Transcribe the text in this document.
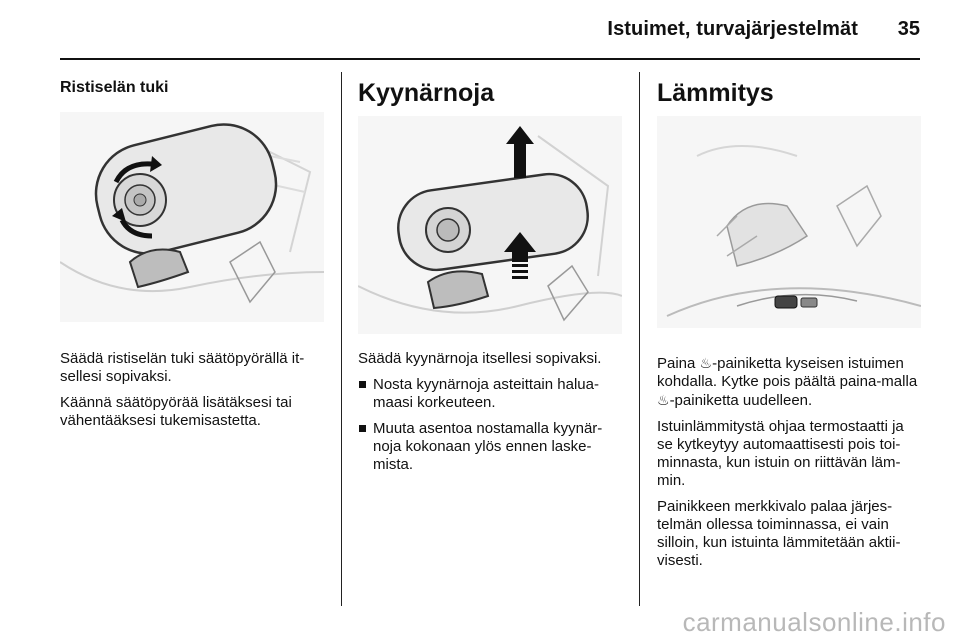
Istuimet, turvajärjestelmät 35
Ristiselän tuki

Säädä ristiselän tuki säätöpyörällä it-sellesi sopivaksi.

Käännä säätöpyörää lisätäksesi tai vähentääksesi tukemisastetta.

Kyynärnoja

Säädä kyynärnoja itsellesi sopivaksi.

Nosta kyynärnoja asteittain halua-maasi korkeuteen.
Muuta asentoa nostamalla kyynär-noja kokonaan ylös ennen laske-mista.
Lämmitys

Paina ♨-painiketta kyseisen istuimen kohdalla. Kytke pois päältä paina-malla ♨-painiketta uudelleen.

Istuinlämmitystä ohjaa termostaatti ja se kytkeytyy automaattisesti pois toi-minnasta, kun istuin on riittävän läm-min.

Painikkeen merkkivalo palaa järjes-telmän ollessa toiminnassa, ei vain silloin, kun istuinta lämmitetään aktii-visesti.

carmanualsonline.info
